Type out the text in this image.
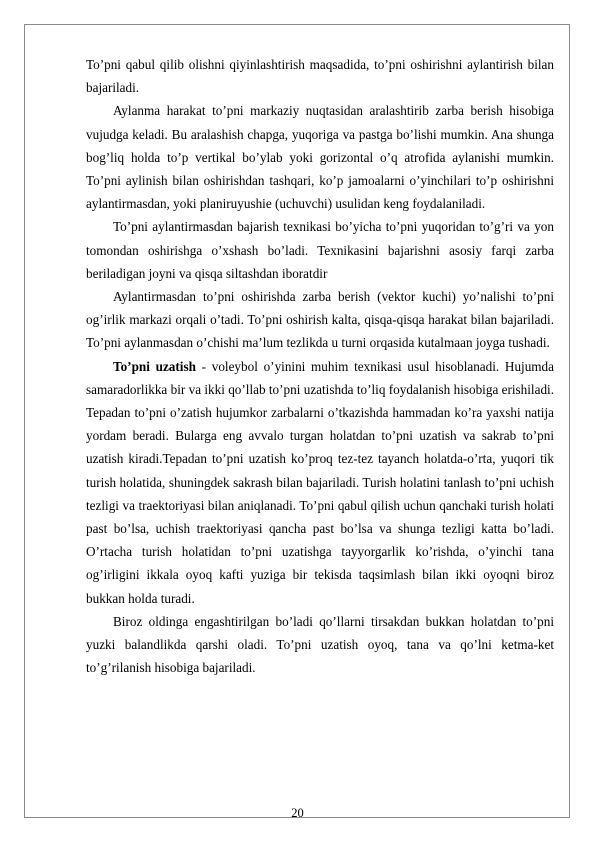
To’pni qabul qilib olishni qiyinlashtirish maqsadida, to’pni oshirishni aylantirish bilan bajariladi.

Aylanma harakat to’pni markaziy nuqtasidan aralashtirib zarba berish hisobiga vujudga keladi. Bu aralashish chapga, yuqoriga va pastga bo’lishi mumkin. Ana shunga bog’liq holda to’p vertikal bo’ylab yoki gorizontal o’q atrofida aylanishi mumkin. To’pni aylinish bilan oshirishdan tashqari, ko’p jamoalarni o’yinchilari to’p oshirishni aylantirmasdan, yoki planiruyushie (uchuvchi) usulidan keng foydalaniladi.

To’pni aylantirmasdan bajarish texnikasi bo’yicha to’pni yuqoridan to’g’ri va yon tomondan oshirishga o’xshash bo’ladi. Texnikasini bajarishni asosiy farqi zarba beriladigan joyni va qisqa siltashdan iboratdir

Aylantirmasdan to’pni oshirishda zarba berish (vektor kuchi) yo’nalishi to’pni og’irlik markazi orqali o’tadi. To’pni oshirish kalta, qisqa-qisqa harakat bilan bajariladi. To’pni aylanmasdan o’chishi ma’lum tezlikda u turni orqasida kutalmaan joyga tushadi.

To’pni uzatish - voleybol o’yinini muhim texnikasi usul hisoblanadi. Hujumda samaradorlikka bir va ikki qo’llab to’pni uzatishda to’liq foydalanish hisobiga erishiladi. Tepadan to’pni o’zatish hujumkor zarbalarni o’tkazishda hammadan ko’ra yaxshi natija yordam beradi. Bularga eng avvalo turgan holatdan to’pni uzatish va sakrab to’pni uzatish kiradi.Tepadan to’pni uzatish ko’proq tez-tez tayanch holatda-o’rta, yuqori tik turish holatida, shuningdek sakrash bilan bajariladi. Turish holatini tanlash to’pni uchish tezligi va traektoriyasi bilan aniqlanadi. To’pni qabul qilish uchun qanchaki turish holati past bo’lsa, uchish traektoriyasi qancha past bo’lsa va shunga tezligi katta bo’ladi. O’rtacha turish holatidan to’pni uzatishga tayyorgarlik ko’rishda, o’yinchi tana og’irligini ikkala oyoq kafti yuziga bir tekisda taqsimlash bilan ikki oyoqni biroz bukkan holda turadi.

Biroz oldinga engashtirilgan bo’ladi qo’llarni tirsakdan bukkan holatdan to’pni yuzki balandlikda qarshi oladi. To’pni uzatish oyoq, tana va qo’lni ketma-ket to’g’rilanish hisobiga bajariladi.

20
